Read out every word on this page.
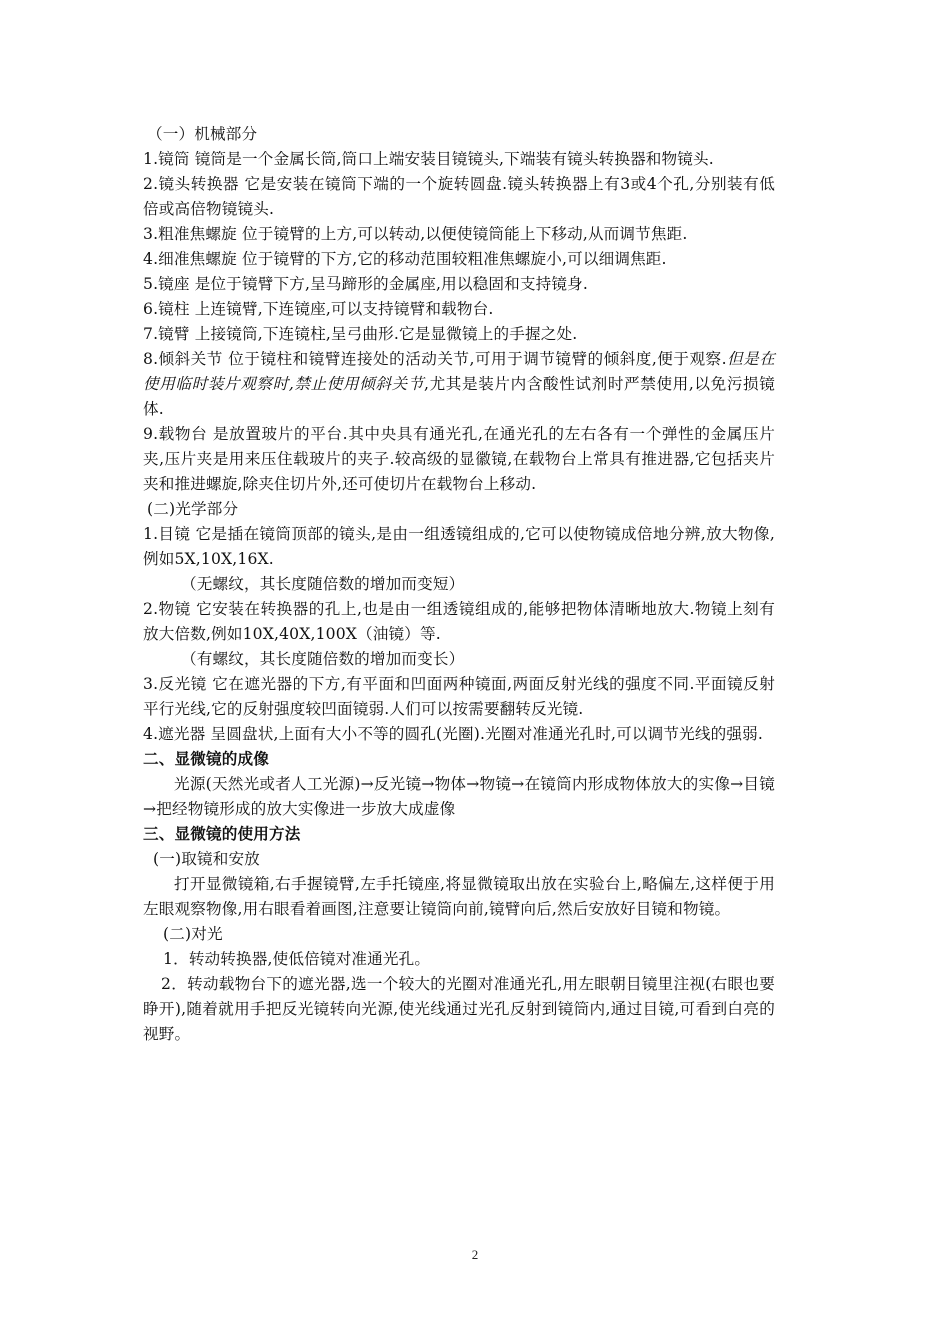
（一）机械部分

1.镜筒 镜筒是一个金属长筒,筒口上端安装目镜镜头,下端装有镜头转换器和物镜头.

2.镜头转换器 它是安装在镜筒下端的一个旋转圆盘.镜头转换器上有3或4个孔,分别装有低倍或高倍物镜镜头.

3.粗准焦螺旋 位于镜臂的上方,可以转动,以便使镜筒能上下移动,从而调节焦距.

4.细准焦螺旋 位于镜臂的下方,它的移动范围较粗准焦螺旋小,可以细调焦距.

5.镜座 是位于镜臂下方,呈马蹄形的金属座,用以稳固和支持镜身.

6.镜柱 上连镜臂,下连镜座,可以支持镜臂和载物台.

7.镜臂 上接镜筒,下连镜柱,呈弓曲形.它是显微镜上的手握之处.

8.倾斜关节 位于镜柱和镜臂连接处的活动关节,可用于调节镜臂的倾斜度,便于观察.但是在使用临时装片观察时,禁止使用倾斜关节,尤其是装片内含酸性试剂时严禁使用,以免污损镜体.

9.载物台 是放置玻片的平台.其中央具有通光孔,在通光孔的左右各有一个弹性的金属压片夹,压片夹是用来压住载玻片的夹子.较高级的显徽镜,在载物台上常具有推进器,它包括夹片夹和推进螺旋,除夹住切片外,还可使切片在载物台上移动.

(二)光学部分

1.目镜 它是插在镜筒顶部的镜头,是由一组透镜组成的,它可以使物镜成倍地分辨,放大物像,例如5X,10X,16X.

（无螺纹，其长度随倍数的增加而变短）

2.物镜 它安装在转换器的孔上,也是由一组透镜组成的,能够把物体清晰地放大.物镜上刻有放大倍数,例如10X,40X,100X（油镜）等.

（有螺纹，其长度随倍数的增加而变长）

3.反光镜 它在遮光器的下方,有平面和凹面两种镜面,两面反射光线的强度不同.平面镜反射平行光线,它的反射强度较凹面镜弱.人们可以按需要翻转反光镜.

4.遮光器 呈圆盘状,上面有大小不等的圆孔(光圈).光圈对准通光孔时,可以调节光线的强弱.

二、显微镜的成像

光源(天然光或者人工光源)→反光镜→物体→物镜→在镜筒内形成物体放大的实像→目镜→把经物镜形成的放大实像进一步放大成虚像

三、显微镜的使用方法

(一)取镜和安放

打开显微镜箱,右手握镜臂,左手托镜座,将显微镜取出放在实验台上,略偏左,这样便于用左眼观察物像,用右眼看着画图,注意要让镜筒向前,镜臂向后,然后安放好目镜和物镜。

(二)对光

1．转动转换器,使低倍镜对准通光孔。

2．转动载物台下的遮光器,选一个较大的光圈对准通光孔,用左眼朝目镜里注视(右眼也要睁开),随着就用手把反光镜转向光源,使光线通过光孔反射到镜筒内,通过目镜,可看到白亮的视野。

2
